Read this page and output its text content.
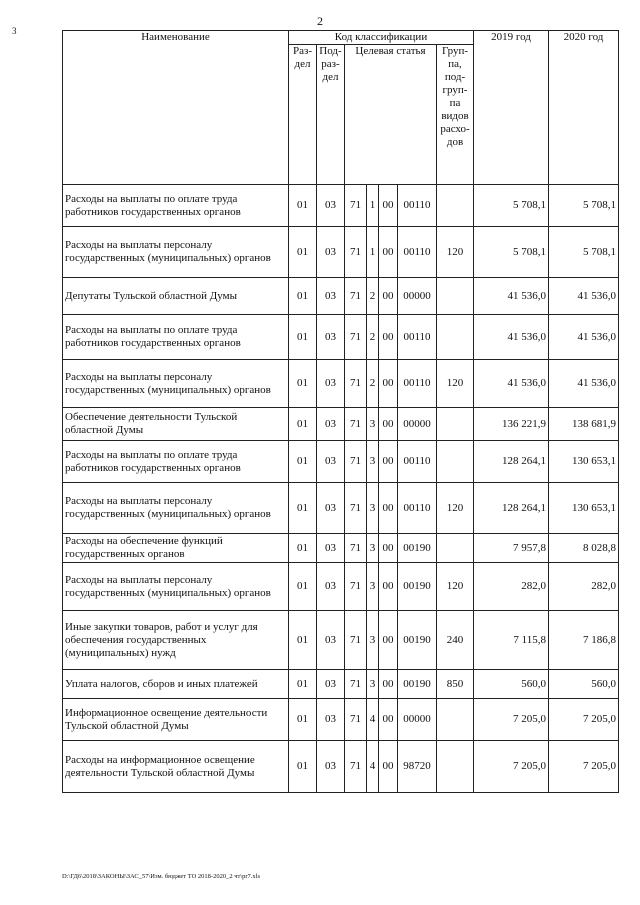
3
2
Наименование	Код классификации							2019 год	2020 год
	Раз- дел	Под- раз- дел	Целевая статья				Груп- па, под- груп- па видов расхо- дов		
Расходы на выплаты по оплате труда работников государственных органов	01	03	71	1	00	00110		5 708,1	5 708,1
Расходы на выплаты персоналу государственных (муниципальных) органов	01	03	71	1	00	00110	120	5 708,1	5 708,1
Депутаты Тульской областной Думы	01	03	71	2	00	00000		41 536,0	41 536,0
Расходы на выплаты по оплате труда работников государственных органов	01	03	71	2	00	00110		41 536,0	41 536,0
Расходы на выплаты персоналу государственных (муниципальных) органов	01	03	71	2	00	00110	120	41 536,0	41 536,0
Обеспечение деятельности Тульской областной Думы	01	03	71	3	00	00000		136 221,9	138 681,9
Расходы на выплаты по оплате труда работников государственных органов	01	03	71	3	00	00110		128 264,1	130 653,1
Расходы на выплаты персоналу государственных (муниципальных) органов	01	03	71	3	00	00110	120	128 264,1	130 653,1
Расходы на обеспечение функций государственных органов	01	03	71	3	00	00190		7 957,8	8 028,8
Расходы на выплаты персоналу государственных (муниципальных) органов	01	03	71	3	00	00190	120	282,0	282,0
Иные закупки товаров, работ и услуг для обеспечения государственных (муниципальных) нужд	01	03	71	3	00	00190	240	7 115,8	7 186,8
Уплата налогов, сборов и иных платежей	01	03	71	3	00	00190	850	560,0	560,0
Информационное освещение деятельности Тульской областной Думы	01	03	71	4	00	00000		7 205,0	7 205,0
Расходы на информационное освещение деятельности Тульской областной Думы	01	03	71	4	00	98720		7 205,0	7 205,0
D:\ГД6\2018\ЗАКОНЫ\ЗАС_57\Изм. бюджет ТО 2018-2020_2 чт\pr7.xls
